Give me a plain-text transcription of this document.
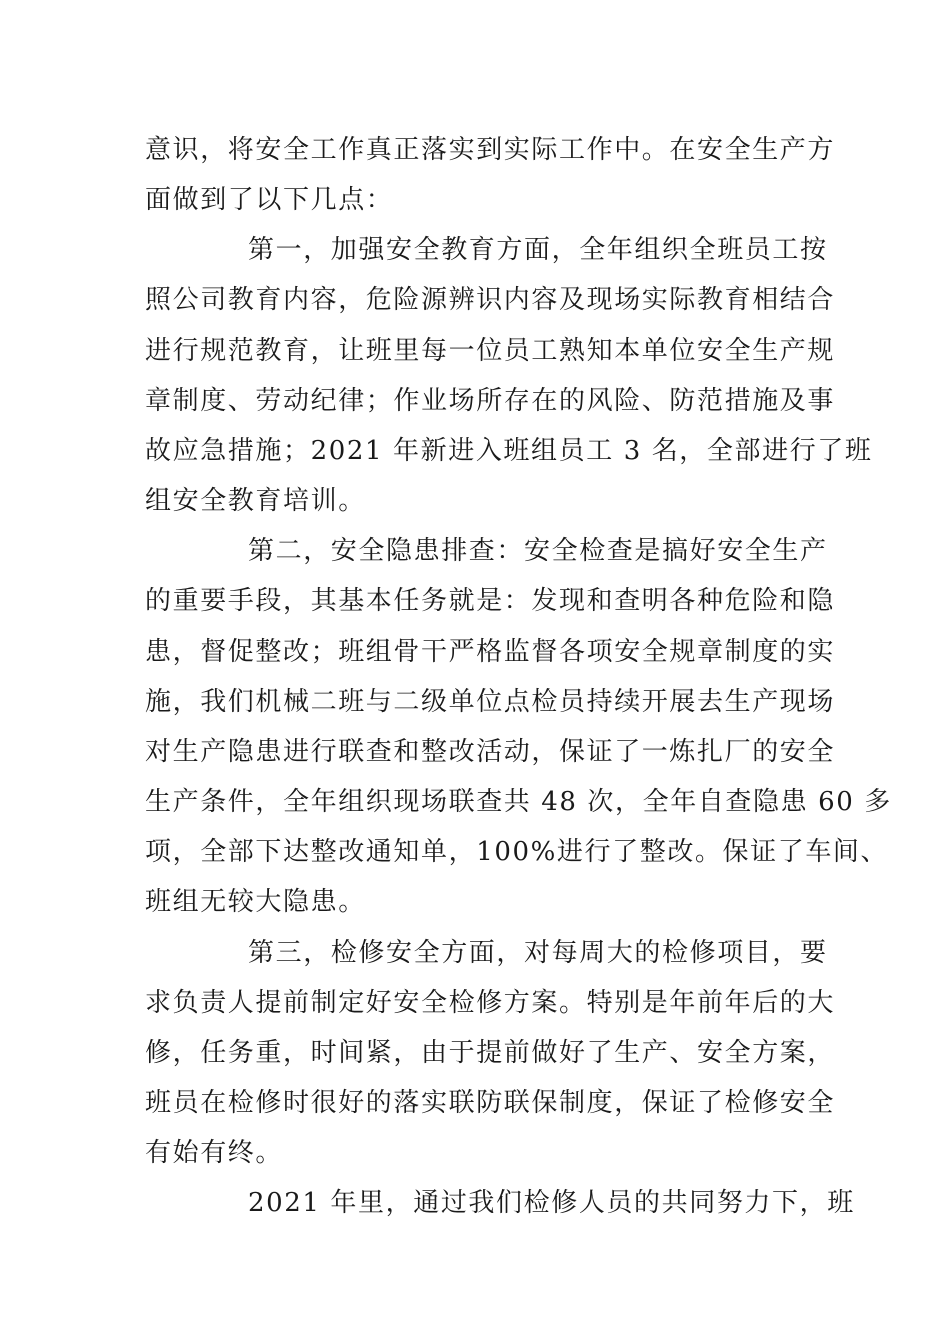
意识，将安全工作真正落实到实际工作中。在安全生产方
面做到了以下几点：
第一，加强安全教育方面，全年组织全班员工按
照公司教育内容，危险源辨识内容及现场实际教育相结合
进行规范教育，让班里每一位员工熟知本单位安全生产规
章制度、劳动纪律；作业场所存在的风险、防范措施及事
故应急措施；2021 年新进入班组员工 3 名，全部进行了班
组安全教育培训。
第二，安全隐患排查：安全检查是搞好安全生产
的重要手段，其基本任务就是：发现和查明各种危险和隐
患，督促整改；班组骨干严格监督各项安全规章制度的实
施，我们机械二班与二级单位点检员持续开展去生产现场
对生产隐患进行联查和整改活动，保证了一炼扎厂的安全
生产条件，全年组织现场联查共 48 次，全年自查隐患 60 多
项，全部下达整改通知单，100%进行了整改。保证了车间、
班组无较大隐患。
第三，检修安全方面，对每周大的检修项目，要
求负责人提前制定好安全检修方案。特别是年前年后的大
修，任务重，时间紧，由于提前做好了生产、安全方案，
班员在检修时很好的落实联防联保制度，保证了检修安全
有始有终。
2021 年里，通过我们检修人员的共同努力下，班
